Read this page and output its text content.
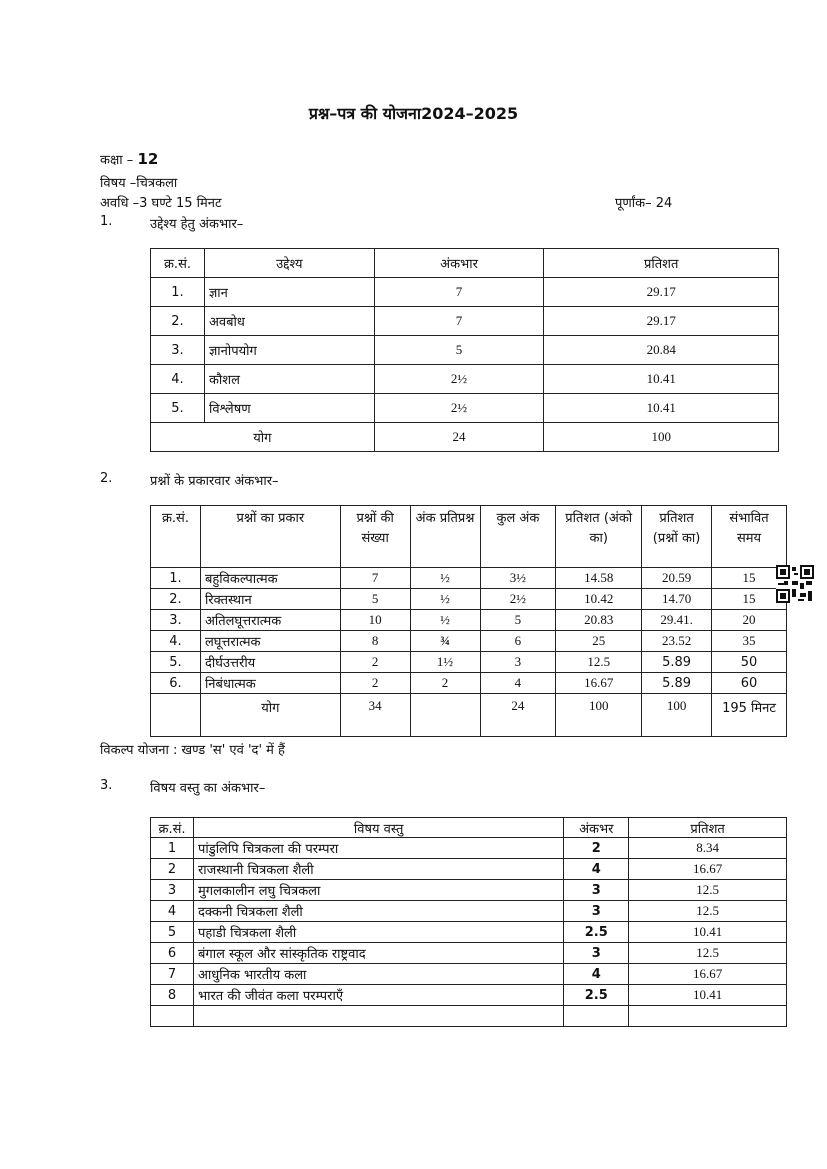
प्रश्न–पत्र की योजना2024–2025
कक्षा – 12
विषय –चित्रकला
अवधि –3 घण्टे 15 मिनट	पूर्णांक– 24
1.	उद्देश्य हेतु अंकभार–
क्र.सं.	उद्देश्य	अंकभार	प्रतिशत
1.	ज्ञान	7	29.17
2.	अवबोध	7	29.17
3.	ज्ञानोपयोग	5	20.84
4.	कौशल	2½	10.41
5.	विश्लेषण	2½	10.41
योग		24	100
2.	प्रश्नों के प्रकारवार अंकभार–
क्र.सं.	प्रश्नों का प्रकार	प्रश्नों की संख्या	अंक प्रतिप्रश्न	कुल अंक	प्रतिशत (अंको का)	प्रतिशत (प्रश्नों का)	संभावित समय
1.	बहुविकल्पात्मक	7	½	3½	14.58	20.59	15
2.	रिक्तस्थान	5	½	2½	10.42	14.70	15
3.	अतिलघूत्तरात्मक	10	½	5	20.83	29.41.	20
4.	लघूत्तरात्मक	8	¾	6	25	23.52	35
5.	दीर्घउत्तरीय	2	1½	3	12.5	5.89	50
6.	निबंधात्मक	2	2	4	16.67	5.89	60
	योग	34		24	100	100	195 मिनट
विकल्प योजना : खण्ड 'स' एवं 'द' में हैं
3.	विषय वस्तु का अंकभार–
क्र.सं.	विषय वस्तु	अंकभर	प्रतिशत
1	पांडुलिपि चित्रकला की परम्परा	2	8.34
2	राजस्थानी चित्रकला शैली	4	16.67
3	मुगलकालीन लघु चित्रकला	3	12.5
4	दक्कनी चित्रकला शैली	3	12.5
5	पहाडी चित्रकला शैली	2.5	10.41
6	बंगाल स्कूल और सांस्कृतिक राष्ट्रवाद	3	12.5
7	आधुनिक भारतीय कला	4	16.67
8	भारत की जीवंत कला परम्पराएँ	2.5	10.41
